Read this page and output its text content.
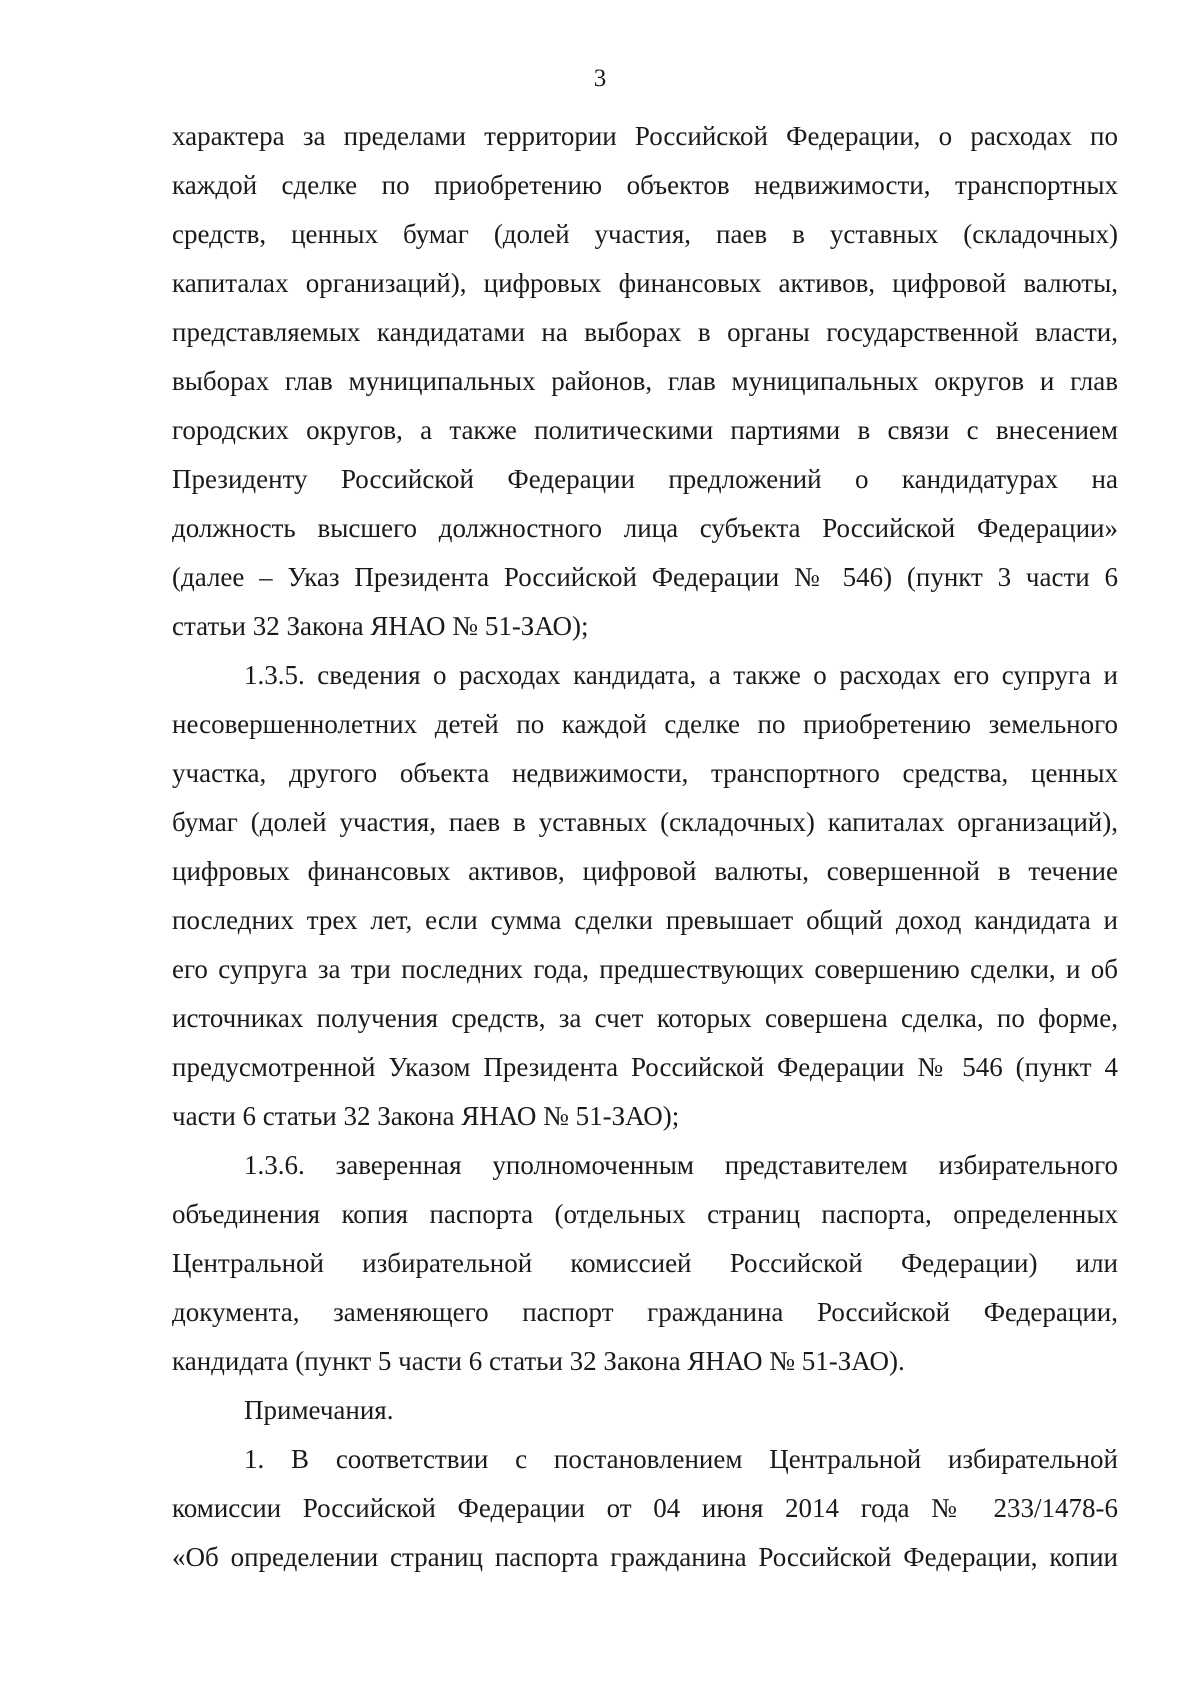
3
характера за пределами территории Российской Федерации, о расходах по
каждой сделке по приобретению объектов недвижимости, транспортных
средств, ценных бумаг (долей участия, паев в уставных (складочных)
капиталах организаций), цифровых финансовых активов, цифровой валюты,
представляемых кандидатами на выборах в органы государственной власти,
выборах глав муниципальных районов, глав муниципальных округов и глав
городских округов, а также политическими партиями в связи с внесением
Президенту Российской Федерации предложений о кандидатурах на
должность высшего должностного лица субъекта Российской Федерации»
(далее – Указ Президента Российской Федерации № 546) (пункт 3 части 6
статьи 32 Закона ЯНАО № 51-ЗАО);
1.3.5. сведения о расходах кандидата, а также о расходах его супруга и
несовершеннолетних детей по каждой сделке по приобретению земельного
участка, другого объекта недвижимости, транспортного средства, ценных
бумаг (долей участия, паев в уставных (складочных) капиталах организаций),
цифровых финансовых активов, цифровой валюты, совершенной в течение
последних трех лет, если сумма сделки превышает общий доход кандидата и
его супруга за три последних года, предшествующих совершению сделки, и об
источниках получения средств, за счет которых совершена сделка, по форме,
предусмотренной Указом Президента Российской Федерации № 546 (пункт 4
части 6 статьи 32 Закона ЯНАО № 51-ЗАО);
1.3.6. заверенная уполномоченным представителем избирательного
объединения копия паспорта (отдельных страниц паспорта, определенных
Центральной избирательной комиссией Российской Федерации) или
документа, заменяющего паспорт гражданина Российской Федерации,
кандидата (пункт 5 части 6 статьи 32 Закона ЯНАО № 51-ЗАО).
Примечания.
1. В соответствии с постановлением Центральной избирательной
комиссии Российской Федерации от 04 июня 2014 года № 233/1478-6
«Об определении страниц паспорта гражданина Российской Федерации, копии
